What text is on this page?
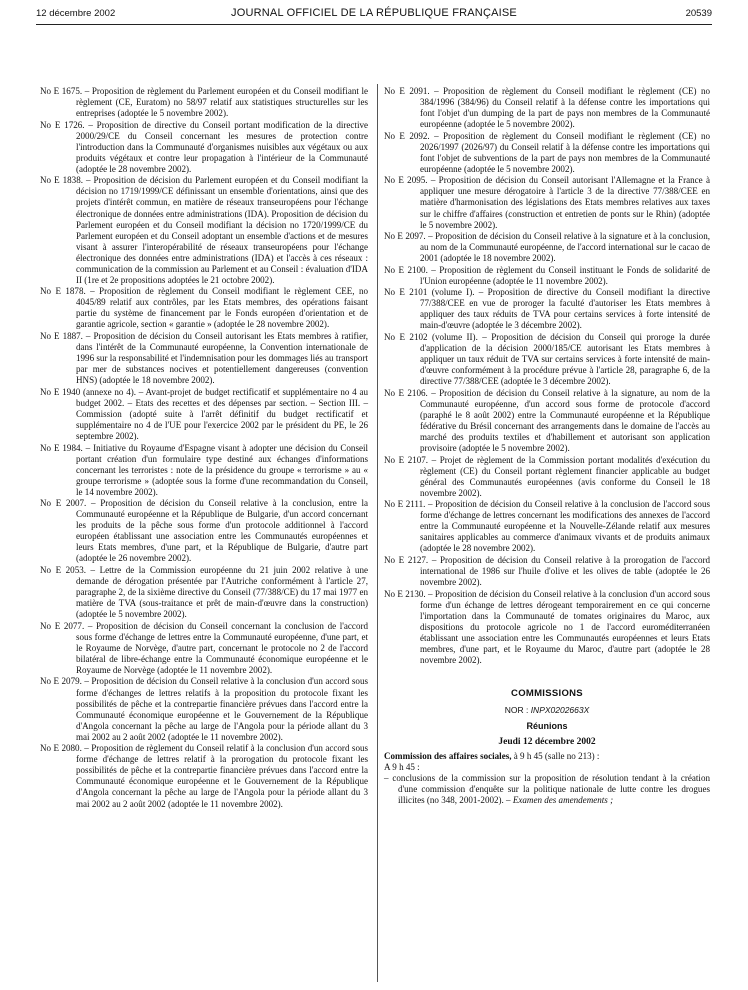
12 décembre 2002	JOURNAL OFFICIEL DE LA RÉPUBLIQUE FRANÇAISE	20539

No E 1675. – Proposition de règlement du Parlement européen et du Conseil modifiant le règlement (CE, Euratom) no 58/97 relatif aux statistiques structurelles sur les entreprises (adoptée le 5 novembre 2002).

No E 1726. – Proposition de directive du Conseil portant modification de la directive 2000/29/CE du Conseil concernant les mesures de protection contre l'introduction dans la Communauté d'organismes nuisibles aux végétaux ou aux produits végétaux et contre leur propagation à l'intérieur de la Communauté (adoptée le 28 novembre 2002).

No E 1838. – Proposition de décision du Parlement européen et du Conseil modifiant la décision no 1719/1999/CE définissant un ensemble d'orientations, ainsi que des projets d'intérêt commun, en matière de réseaux transeuropéens pour l'échange électronique de données entre administrations (IDA). Proposition de décision du Parlement européen et du Conseil modifiant la décision no 1720/1999/CE du Parlement européen et du Conseil adoptant un ensemble d'actions et de mesures visant à assurer l'interopérabilité de réseaux transeuropéens pour l'échange électronique des données entre administrations (IDA) et l'accès à ces réseaux : communication de la commission au Parlement et au Conseil : évaluation d'IDA II (1re et 2e propositions adoptées le 21 octobre 2002).

No E 1878. – Proposition de règlement du Conseil modifiant le règlement CEE, no 4045/89 relatif aux contrôles, par les Etats membres, des opérations faisant partie du système de financement par le Fonds européen d'orientation et de garantie agricole, section « garantie » (adoptée le 28 novembre 2002).

No E 1887. – Proposition de décision du Conseil autorisant les Etats membres à ratifier, dans l'intérêt de la Communauté européenne, la Convention internationale de 1996 sur la responsabilité et l'indemnisation pour les dommages liés au transport par mer de substances nocives et potentiellement dangereuses (convention HNS) (adoptée le 18 novembre 2002).

No E 1940 (annexe no 4). – Avant-projet de budget rectificatif et supplémentaire no 4 au budget 2002. – Etats des recettes et des dépenses par section. – Section III. – Commission (adopté suite à l'arrêt définitif du budget rectificatif et supplémentaire no 4 de l'UE pour l'exercice 2002 par le président du PE, le 26 septembre 2002).

No E 1984. – Initiative du Royaume d'Espagne visant à adopter une décision du Conseil portant création d'un formulaire type destiné aux échanges d'informations concernant les terroristes : note de la présidence du groupe « terrorisme » au « groupe terrorisme » (adoptée sous la forme d'une recommandation du Conseil, le 14 novembre 2002).

No E 2007. – Proposition de décision du Conseil relative à la conclusion, entre la Communauté européenne et la République de Bulgarie, d'un accord concernant les produits de la pêche sous forme d'un protocole additionnel à l'accord européen établissant une association entre les Communautés européennes et leurs Etats membres, d'une part, et la République de Bulgarie, d'autre part (adoptée le 26 novembre 2002).

No E 2053. – Lettre de la Commission européenne du 21 juin 2002 relative à une demande de dérogation présentée par l'Autriche conformément à l'article 27, paragraphe 2, de la sixième directive du Conseil (77/388/CE) du 17 mai 1977 en matière de TVA (sous-traitance et prêt de main-d'œuvre dans la construction) (adoptée le 5 novembre 2002).

No E 2077. – Proposition de décision du Conseil concernant la conclusion de l'accord sous forme d'échange de lettres entre la Communauté européenne, d'une part, et le Royaume de Norvège, d'autre part, concernant le protocole no 2 de l'accord bilatéral de libre-échange entre la Communauté économique européenne et le Royaume de Norvège (adoptée le 11 novembre 2002).

No E 2079. – Proposition de décision du Conseil relative à la conclusion d'un accord sous forme d'échanges de lettres relatifs à la proposition du protocole fixant les possibilités de pêche et la contrepartie financière prévues dans l'accord entre la Communauté économique européenne et le Gouvernement de la République d'Angola concernant la pêche au large de l'Angola pour la période allant du 3 mai 2002 au 2 août 2002 (adoptée le 11 novembre 2002).

No E 2080. – Proposition de règlement du Conseil relatif à la conclusion d'un accord sous forme d'échange de lettres relatif à la prorogation du protocole fixant les possibilités de pêche et la contrepartie financière prévues dans l'accord entre la Communauté économique européenne et le Gouvernement de la République d'Angola concernant la pêche au large de l'Angola pour la période allant du 3 mai 2002 au 2 août 2002 (adoptée le 11 novembre 2002).

No E 2091. – Proposition de règlement du Conseil modifiant le règlement (CE) no 384/1996 (384/96) du Conseil relatif à la défense contre les importations qui font l'objet d'un dumping de la part de pays non membres de la Communauté européenne (adoptée le 5 novembre 2002).

No E 2092. – Proposition de règlement du Conseil modifiant le règlement (CE) no 2026/1997 (2026/97) du Conseil relatif à la défense contre les importations qui font l'objet de subventions de la part de pays non membres de la Communauté européenne (adoptée le 5 novembre 2002).

No E 2095. – Proposition de décision du Conseil autorisant l'Allemagne et la France à appliquer une mesure dérogatoire à l'article 3 de la directive 77/388/CEE en matière d'harmonisation des législations des Etats membres relatives aux taxes sur le chiffre d'affaires (construction et entretien de ponts sur le Rhin) (adoptée le 5 novembre 2002).

No E 2097. – Proposition de décision du Conseil relative à la signature et à la conclusion, au nom de la Communauté européenne, de l'accord international sur le cacao de 2001 (adoptée le 18 novembre 2002).

No E 2100. – Proposition de règlement du Conseil instituant le Fonds de solidarité de l'Union européenne (adoptée le 11 novembre 2002).

No E 2101 (volume I). – Proposition de directive du Conseil modifiant la directive 77/388/CEE en vue de proroger la faculté d'autoriser les Etats membres à appliquer des taux réduits de TVA pour certains services à forte intensité de main-d'œuvre (adoptée le 3 décembre 2002).

No E 2102 (volume II). – Proposition de décision du Conseil qui proroge la durée d'application de la décision 2000/185/CE autorisant les Etats membres à appliquer un taux réduit de TVA sur certains services à forte intensité de main-d'œuvre conformément à la procédure prévue à l'article 28, paragraphe 6, de la directive 77/388/CEE (adoptée le 3 décembre 2002).

No E 2106. – Proposition de décision du Conseil relative à la signature, au nom de la Communauté européenne, d'un accord sous forme de protocole d'accord (paraphé le 8 août 2002) entre la Communauté européenne et la République fédérative du Brésil concernant des arrangements dans le domaine de l'accès au marché des produits textiles et d'habillement et autorisant son application provisoire (adoptée le 5 novembre 2002).

No E 2107. – Projet de règlement de la Commission portant modalités d'exécution du règlement (CE) du Conseil portant règlement financier applicable au budget général des Communautés européennes (avis conforme du Conseil le 18 novembre 2002).

No E 2111. – Proposition de décision du Conseil relative à la conclusion de l'accord sous forme d'échange de lettres concernant les modifications des annexes de l'accord entre la Communauté européenne et la Nouvelle-Zélande relatif aux mesures sanitaires applicables au commerce d'animaux vivants et de produits animaux (adoptée le 28 novembre 2002).

No E 2127. – Proposition de décision du Conseil relative à la prorogation de l'accord international de 1986 sur l'huile d'olive et les olives de table (adoptée le 26 novembre 2002).

No E 2130. – Proposition de décision du Conseil relative à la conclusion d'un accord sous forme d'un échange de lettres dérogeant temporairement en ce qui concerne l'importation dans la Communauté de tomates originaires du Maroc, aux dispositions du protocole agricole no 1 de l'accord euroméditerranéen établissant une association entre les Communautés européennes et leurs Etats membres, d'une part, et le Royaume du Maroc, d'autre part (adoptée le 28 novembre 2002).

COMMISSIONS
NOR : INPX0202663X
Réunions
Jeudi 12 décembre 2002
Commission des affaires sociales, à 9 h 45 (salle no 213) :
A 9 h 45 :
– conclusions de la commission sur la proposition de résolution tendant à la création d'une commission d'enquête sur la politique nationale de lutte contre les drogues illicites (no 348, 2001-2002). – Examen des amendements ;
